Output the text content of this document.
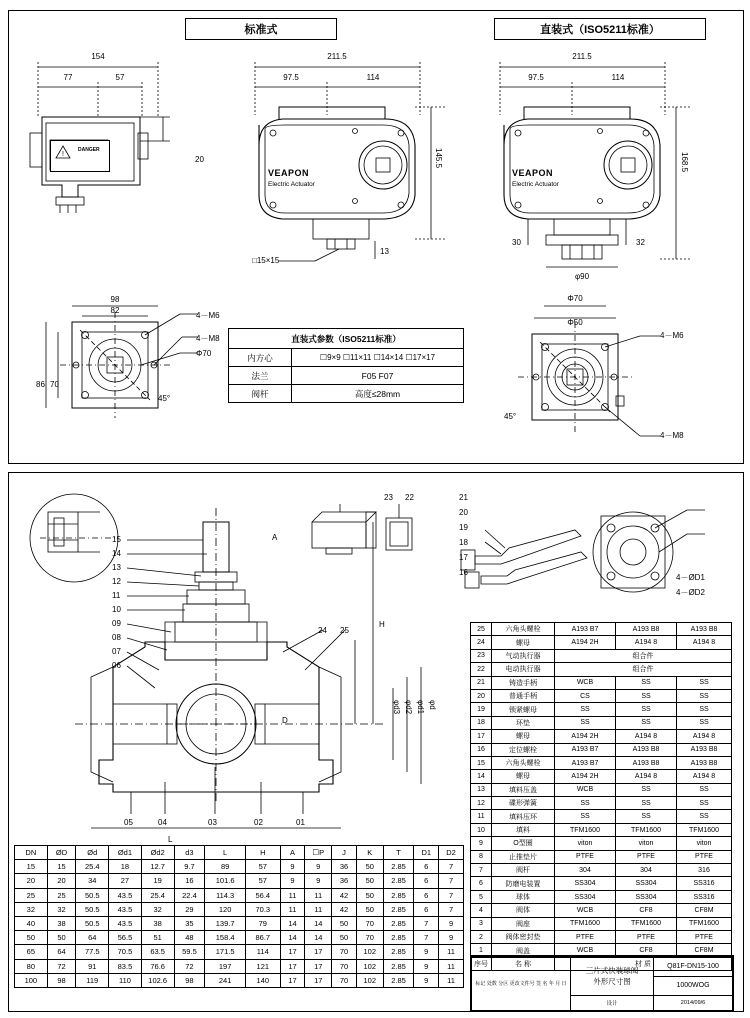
标准式	直装式（ISO5211标准）
154
77	57
20
DANGER
!
98
82
86 70
4－M6
4－M8
Φ70
45°
211.5
97.5	114
145.5
VEAPON
Electric Actuator
□15×15
13
211.5
97.5	114
168.5
VEAPON
Electric Actuator
30	32
φ90
Φ70
Φ50
4－M6
4－M8
45°
直装式参数（ISO5211标准）	
内方心	☐9×9 ☐11×11 ☐14×14 ☐17×17
法兰	F05 F07
阀杆	高度≤28mm
15
14
13
12
11
10
09
08
07
06
05	04	03	02	01
24 25
A
H
D
φd3 φd2 φd1 φd
L
23 22	21
20
19
18
17
16
4－ØD1
4－ØD2
DN	ØD	Ød	Ød1	Ød2	d3	L	H	A	☐P	J	K	T	D1	D2
15	15	25.4	18	12.7	9.7	89	57	9	9	36	50	2.85	6	7
20	20	34	27	19	16	101.6	57	9	9	36	50	2.85	6	7
25	25	50.5	43.5	25.4	22.4	114.3	56.4	11	11	42	50	2.85	6	7
32	32	50.5	43.5	32	29	120	70.3	11	11	42	50	2.85	6	7
40	38	50.5	43.5	38	35	139.7	79	14	14	50	70	2.85	7	9
50	50	64	56.5	51	48	158.4	86.7	14	14	50	70	2.85	7	9
65	64	77.5	70.5	63.5	59.5	171.5	114	17	17	70	102	2.85	9	11
80	72	91	83.5	76.6	72	197	121	17	17	70	102	2.85	9	11
100	98	119	110	102.6	98	241	140	17	17	70	102	2.85	9	11
25	六角头螺栓	A193 B7	A193 B8	A193 B8
24	螺母	A194 2H	A194 8	A194 8
23	气动执行器	组合件		
22	电动执行器	组合件		
21	铸造手柄	WCB	SS	SS
20	普通手柄	CS	SS	SS
19	锁紧螺母	SS	SS	SS
18	环垫	SS	SS	SS
17	螺母	A194 2H	A194 8	A194 8
16	定位螺栓	A193 B7	A193 B8	A193 B8
15	六角头螺栓	A193 B7	A193 B8	A193 B8
14	螺母	A194 2H	A194 8	A194 8
13	填料压盖	WCB	SS	SS
12	碟形弹簧	SS	SS	SS
11	填料压环	SS	SS	SS
10	填料	TFM1600	TFM1600	TFM1600
9	O型圈	viton	viton	viton
8	止推垫片	PTFE	PTFE	PTFE
7	阀杆	304	304	316
6	防磨电装置	SS304	SS304	SS316
5	球体	SS304	SS304	SS316
4	阀体	WCB	CF8	CF8M
3	阀座	TFM1600	TFM1600	TFM1600
2	阀体密封垫	PTFE	PTFE	PTFE
1	阀盖	WCB	CF8	CF8M
序号	名 称	材 质		
标记 处数 分区 更改文件号 签 名 年 月 日	三片式快装球阀
外形尺寸图	Q81F-DN15-100
		1000WOG
	设计	2014/09/6
